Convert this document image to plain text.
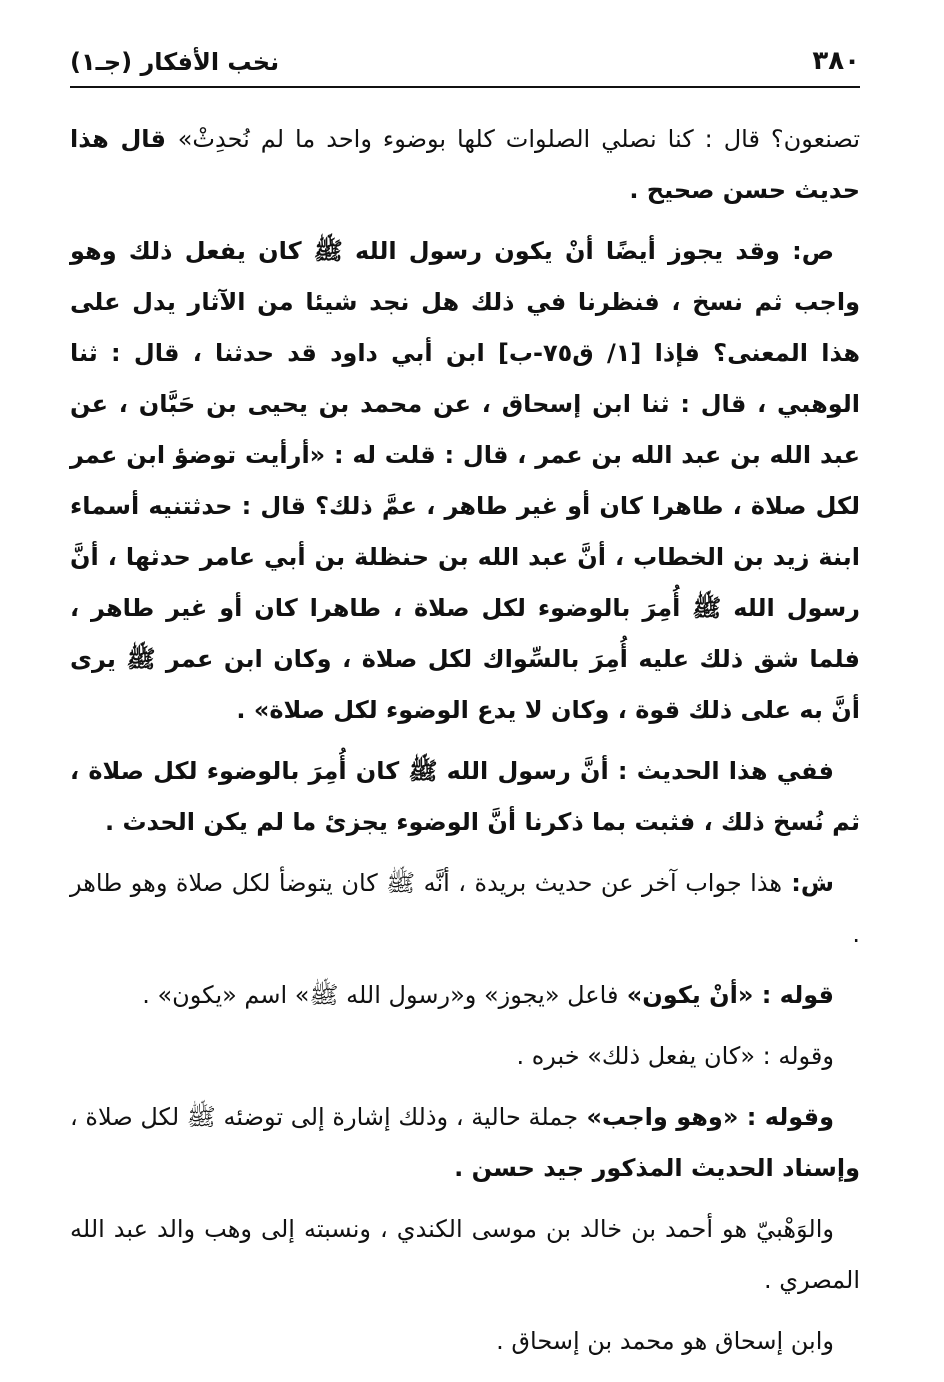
٣٨٠
نخب الأفكار (جـ١)

تصنعون؟ قال : كنا نصلي الصلوات كلها بوضوء واحد ما لم نُحدِثْ» قال هذا حديث حسن صحيح .

ص: وقد يجوز أيضًا أنْ يكون رسول الله ﷺ كان يفعل ذلك وهو واجب ثم نسخ ، فنظرنا في ذلك هل نجد شيئا من الآثار يدل على هذا المعنى؟ فإذا [١/ ق٧٥-ب] ابن أبي داود قد حدثنا ، قال : ثنا الوهبي ، قال : ثنا ابن إسحاق ، عن محمد بن يحيى بن حَبَّان ، عن عبد الله بن عبد الله بن عمر ، قال : قلت له : «أرأيت توضؤ ابن عمر لكل صلاة ، طاهرا كان أو غير طاهر ، عمَّ ذلك؟ قال : حدثتنيه أسماء ابنة زيد بن الخطاب ، أنَّ عبد الله بن حنظلة بن أبي عامر حدثها ، أنَّ رسول الله ﷺ أُمِرَ بالوضوء لكل صلاة ، طاهرا كان أو غير طاهر ، فلما شق ذلك عليه أُمِرَ بالسِّواك لكل صلاة ، وكان ابن عمر ﷺ يرى أنَّ به على ذلك قوة ، وكان لا يدع الوضوء لكل صلاة» .

ففي هذا الحديث : أنَّ رسول الله ﷺ كان أُمِرَ بالوضوء لكل صلاة ، ثم نُسخ ذلك ، فثبت بما ذكرنا أنَّ الوضوء يجزئ ما لم يكن الحدث .

ش: هذا جواب آخر عن حديث بريدة ، أنَّه ﷺ كان يتوضأ لكل صلاة وهو طاهر .

قوله : «أنْ يكون» فاعل «يجوز» و«رسول الله ﷺ» اسم «يكون» .

وقوله : «كان يفعل ذلك» خبره .

وقوله : «وهو واجب» جملة حالية ، وذلك إشارة إلى توضئه ﷺ لكل صلاة ، وإسناد الحديث المذكور جيد حسن .

والوَهْبيّ هو أحمد بن خالد بن موسى الكندي ، ونسبته إلى وهب والد عبد الله المصري .

وابن إسحاق هو محمد بن إسحاق .
